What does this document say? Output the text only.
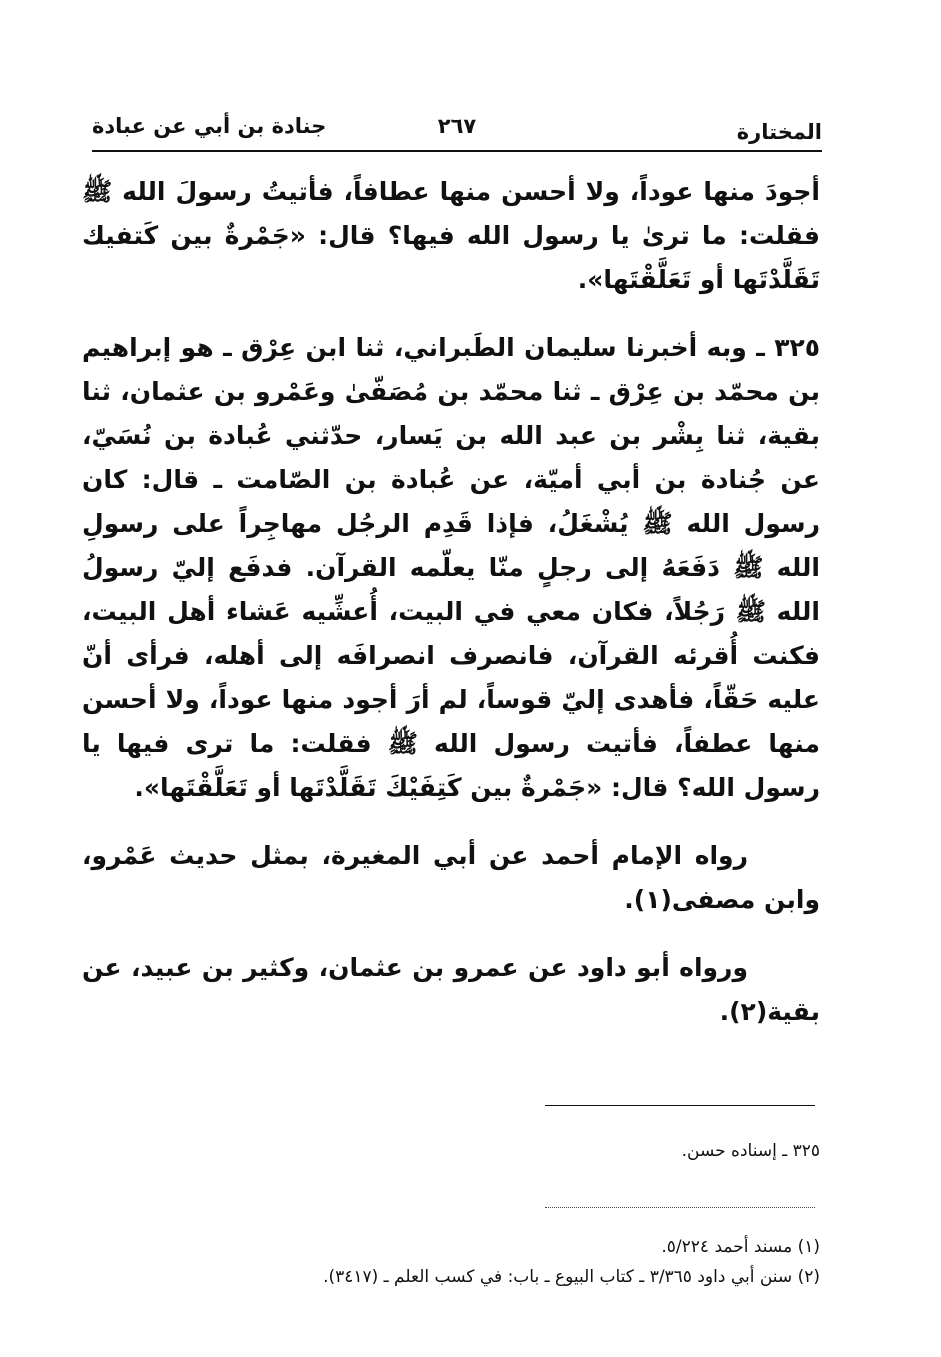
المختارة
٢٦٧
جنادة بن أبي عن عبادة

أجودَ منها عوداً، ولا أحسن منها عطافاً، فأتيتُ رسولَ الله ﷺ فقلت: ما ترىٰ يا رسول الله فيها؟ قال: «جَمْرةٌ بين كَتفيك تَقَلَّدْتَها أو تَعَلَّقْتَها».

٣٢٥ ـ وبه أخبرنا سليمان الطَبراني، ثنا ابن عِرْق ـ هو إبراهيم بن محمّد بن عِرْق ـ ثنا محمّد بن مُصَفّىٰ وعَمْرو بن عثمان، ثنا بقية، ثنا بِشْر بن عبد الله بن يَسار، حدّثني عُبادة بن نُسَيّ، عن جُنادة بن أبي أميّة، عن عُبادة بن الصّامت ـ قال: كان رسول الله ﷺ يُشْغَلُ، فإذا قَدِم الرجُل مهاجِراً على رسولِ الله ﷺ دَفَعَهُ إلى رجلٍ منّا يعلّمه القرآن. فدفَع إليّ رسولُ الله ﷺ رَجُلاً، فكان معي في البيت، أُعشِّيه عَشاء أهل البيت، فكنت أُقرئه القرآن، فانصرف انصرافَه إلى أهله، فرأى أنّ عليه حَقّاً، فأهدى إليّ قوساً، لم أرَ أجود منها عوداً، ولا أحسن منها عطفاً، فأتيت رسول الله ﷺ فقلت: ما ترى فيها يا رسول الله؟ قال: «جَمْرةٌ بين كَتِفَيْكَ تَقَلَّدْتَها أو تَعَلَّقْتَها».

رواه الإمام أحمد عن أبي المغيرة، بمثل حديث عَمْرو، وابن مصفى(١).

ورواه أبو داود عن عمرو بن عثمان، وكثير بن عبيد، عن بقية(٢).

٣٢٥ ـ إسناده حسن.

(١) مسند أحمد ٥/٢٢٤.

(٢) سنن أبي داود ٣/٣٦٥ ـ كتاب البيوع ـ باب: في كسب العلم ـ (٣٤١٧).
